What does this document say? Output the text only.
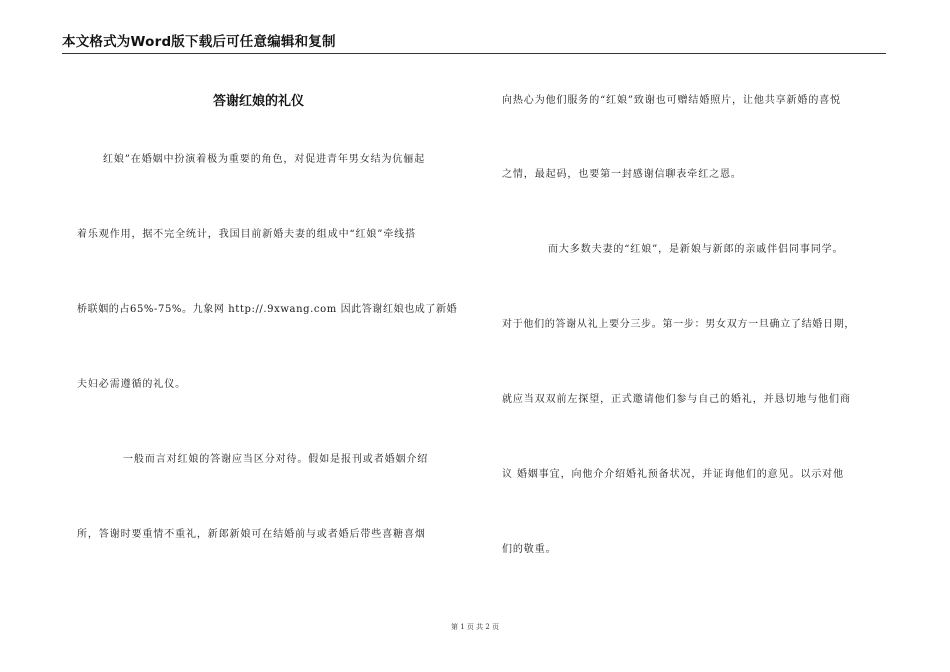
本文格式为Word版下载后可任意编辑和复制
答谢红娘的礼仪
红娘”在婚姻中扮演着极为重要的角色，对促进青年男女结为伉俪起
着乐观作用，据不完全统计，我国目前新婚夫妻的组成中“红娘”牵线搭
桥联姻的占65%-75%。九象网 http://.9xwang.com 因此答谢红娘也成了新婚
夫妇必需遵循的礼仪。
一般而言对红娘的答谢应当区分对待。假如是报刊或者婚姻介绍
所，答谢时要重情不重礼，新郎新娘可在结婚前与或者婚后带些喜糖喜烟
向热心为他们服务的“红娘”致谢也可赠结婚照片，让他共享新婚的喜悦
之情，最起码，也要第一封感谢信聊表牵红之恩。
而大多数夫妻的“红娘”，是新娘与新郎的亲戚伴侣同事同学。
对于他们的答谢从礼上要分三步。第一步：男女双方一旦确立了结婚日期，
就应当双双前左探望，正式邀请他们参与自己的婚礼，并恳切地与他们商
议 婚姻事宜，向他介介绍婚礼预备状况，并证询他们的意见。以示对他
们的敬重。
第 1 页 共 2 页
